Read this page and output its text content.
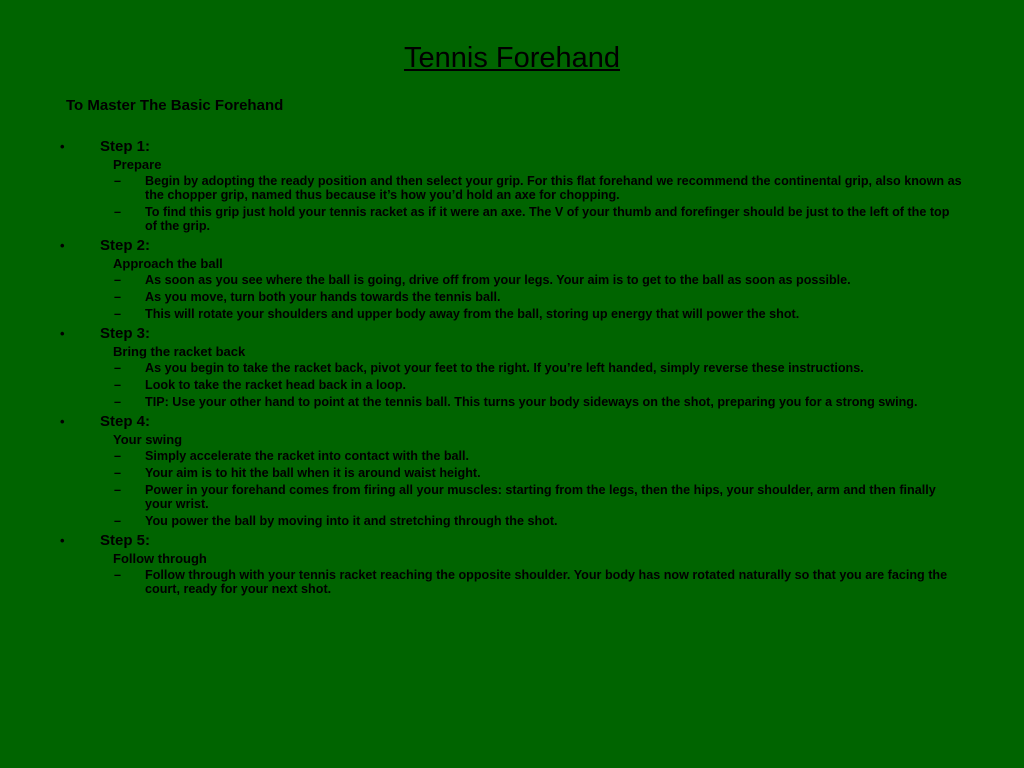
Tennis Forehand

To Master The Basic Forehand

• Step 1:
Prepare
– Begin by adopting the ready position and then select your grip. For this flat forehand we recommend the continental grip, also known as the chopper grip, named thus because it’s how you’d hold an axe for chopping.
– To find this grip just hold your tennis racket as if it were an axe. The V of your thumb and forefinger should be just to the left of the top of the grip.
• Step 2:
Approach the ball
– As soon as you see where the ball is going, drive off from your legs. Your aim is to get to the ball as soon as possible.
– As you move, turn both your hands towards the tennis ball.
– This will rotate your shoulders and upper body away from the ball, storing up energy that will power the shot.
• Step 3:
Bring the racket back
– As you begin to take the racket back, pivot your feet to the right. If you’re left handed, simply reverse these instructions.
– Look to take the racket head back in a loop.
– TIP: Use your other hand to point at the tennis ball. This turns your body sideways on the shot, preparing you for a strong swing.
• Step 4:
Your swing
– Simply accelerate the racket into contact with the ball.
– Your aim is to hit the ball when it is around waist height.
– Power in your forehand comes from firing all your muscles: starting from the legs, then the hips, your shoulder, arm and then finally your wrist.
– You power the ball by moving into it and stretching through the shot.
• Step 5:
Follow through
– Follow through with your tennis racket reaching the opposite shoulder. Your body has now rotated naturally so that you are facing the court, ready for your next shot.
